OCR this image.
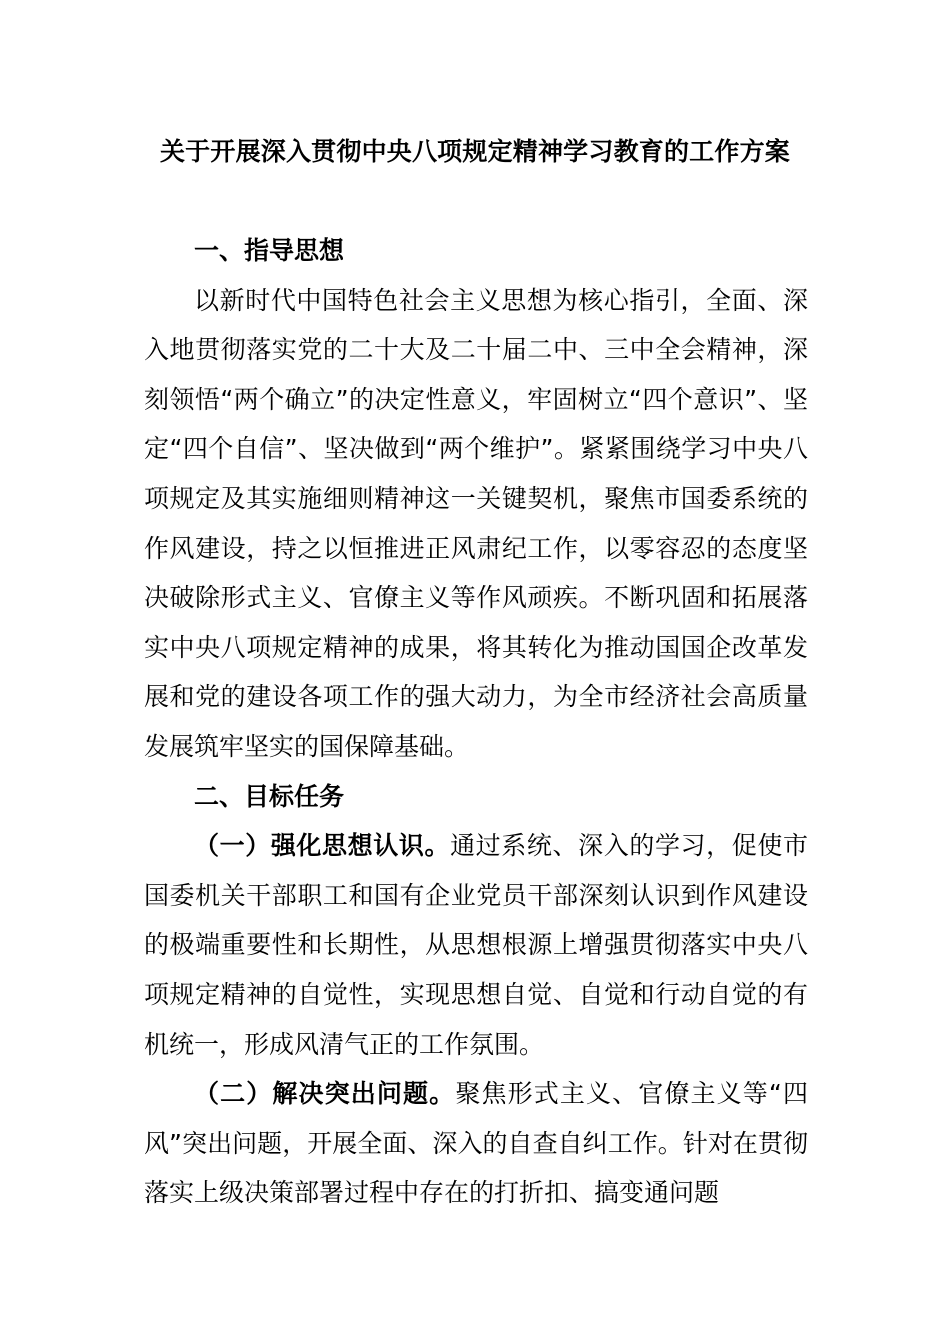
关于开展深入贯彻中央八项规定精神学习教育的工作方案

一、指导思想

以新时代中国特色社会主义思想为核心指引，全面、深入地贯彻落实党的二十大及二十届二中、三中全会精神，深刻领悟“两个确立”的决定性意义，牢固树立“四个意识”、坚定“四个自信”、坚决做到“两个维护”。紧紧围绕学习中央八项规定及其实施细则精神这一关键契机，聚焦市国委系统的作风建设，持之以恒推进正风肃纪工作，以零容忍的态度坚决破除形式主义、官僚主义等作风顽疾。不断巩固和拓展落实中央八项规定精神的成果，将其转化为推动国国企改革发展和党的建设各项工作的强大动力，为全市经济社会高质量发展筑牢坚实的国保障基础。

二、目标任务

（一）强化思想认识。通过系统、深入的学习，促使市国委机关干部职工和国有企业党员干部深刻认识到作风建设的极端重要性和长期性，从思想根源上增强贯彻落实中央八项规定精神的自觉性，实现思想自觉、自觉和行动自觉的有机统一，形成风清气正的工作氛围。

（二）解决突出问题。聚焦形式主义、官僚主义等“四风”突出问题，开展全面、深入的自查自纠工作。针对在贯彻落实上级决策部署过程中存在的打折扣、搞变通问题
